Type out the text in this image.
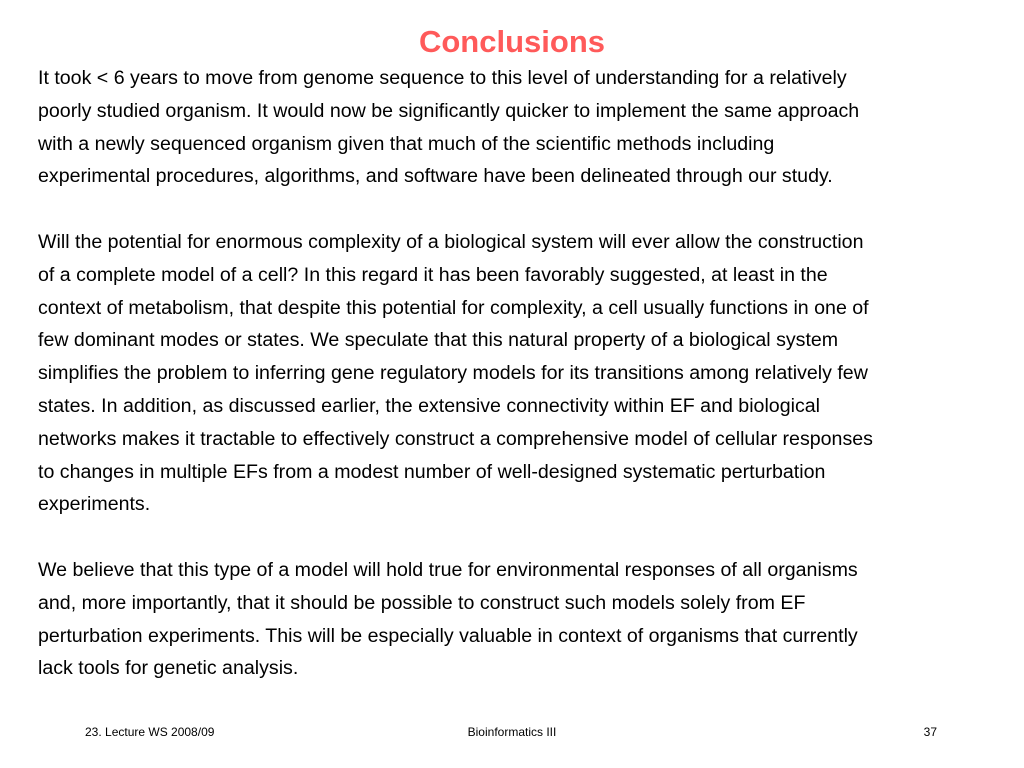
Conclusions

It took < 6 years to move from genome sequence to this level of understanding for a relatively
poorly studied organism. It would now be significantly quicker to implement the same approach
with a newly sequenced organism given that much of the scientific methods including
experimental procedures, algorithms, and software have been delineated through our study.

Will the potential for enormous complexity of a biological system will ever allow the construction
of a complete model of a cell? In this regard it has been favorably suggested, at least in the
context of metabolism, that despite this potential for complexity, a cell usually functions in one of
few dominant modes or states. We speculate that this natural property of a biological system
simplifies the problem to inferring gene regulatory models for its transitions among relatively few
states. In addition, as discussed earlier, the extensive connectivity within EF and biological
networks makes it tractable to effectively construct a comprehensive model of cellular responses
to changes in multiple EFs from a modest number of well-designed systematic perturbation
experiments.

We believe that this type of a model will hold true for environmental responses of all organisms
and, more importantly, that it should be possible to construct such models solely from EF
perturbation experiments. This will be especially valuable in context of organisms that currently
lack tools for genetic analysis.

23. Lecture WS 2008/09	Bioinformatics III	37
